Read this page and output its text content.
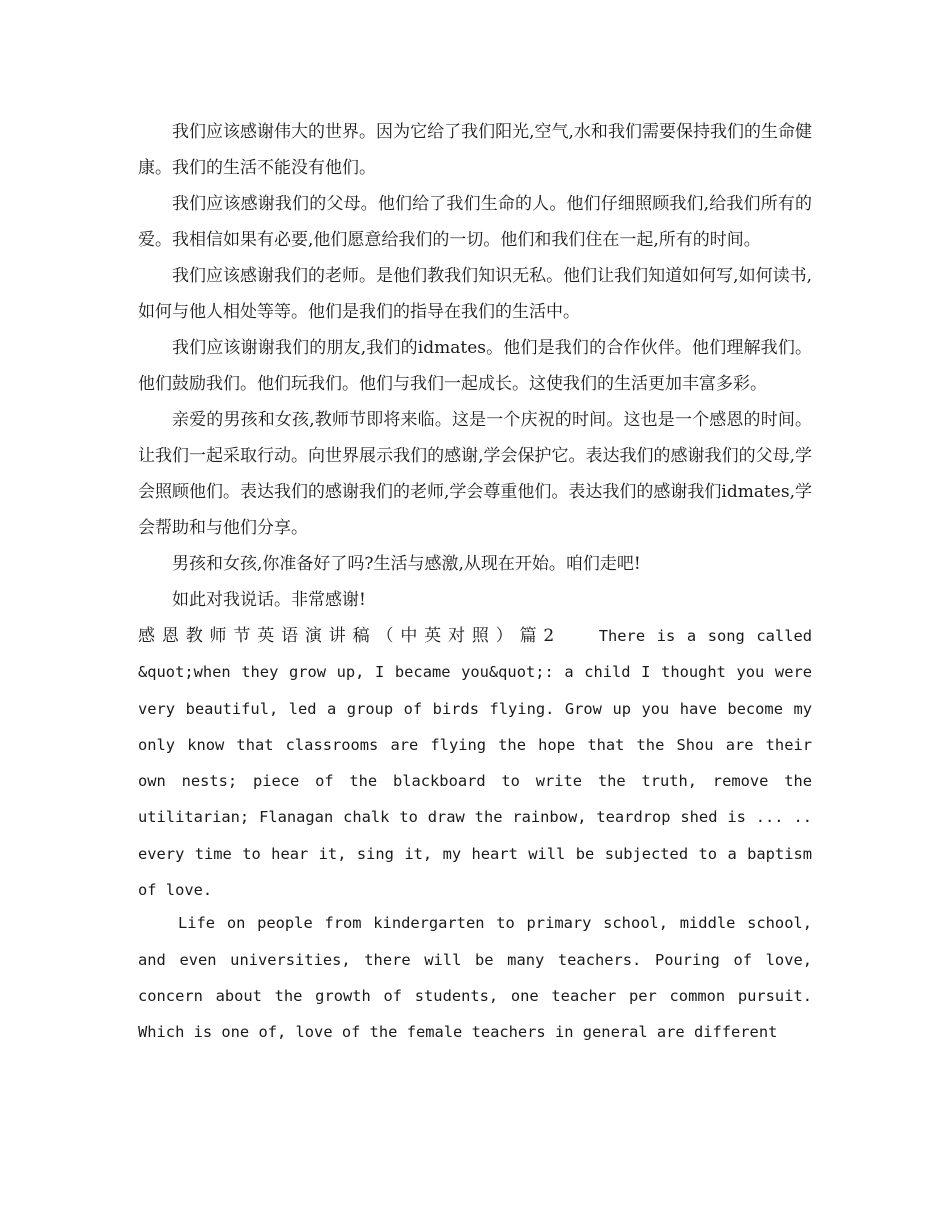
我们应该感谢伟大的世界。因为它给了我们阳光,空气,水和我们需要保持我们的生命健康。我们的生活不能没有他们。

我们应该感谢我们的父母。他们给了我们生命的人。他们仔细照顾我们,给我们所有的爱。我相信如果有必要,他们愿意给我们的一切。他们和我们住在一起,所有的时间。

我们应该感谢我们的老师。是他们教我们知识无私。他们让我们知道如何写,如何读书,如何与他人相处等等。他们是我们的指导在我们的生活中。

我们应该谢谢我们的朋友,我们的idmates。他们是我们的合作伙伴。他们理解我们。他们鼓励我们。他们玩我们。他们与我们一起成长。这使我们的生活更加丰富多彩。

亲爱的男孩和女孩,教师节即将来临。这是一个庆祝的时间。这也是一个感恩的时间。让我们一起采取行动。向世界展示我们的感谢,学会保护它。表达我们的感谢我们的父母,学会照顾他们。表达我们的感谢我们的老师,学会尊重他们。表达我们的感谢我们idmates,学会帮助和与他们分享。

男孩和女孩,你准备好了吗?生活与感激,从现在开始。咱们走吧!

如此对我说话。非常感谢!

感恩教师节英语演讲稿（中英对照）篇2	There is a song called &quot;when they grow up, I became you&quot;: a child I thought you were very beautiful, led a group of birds flying. Grow up you have become my only know that classrooms are flying the hope that the Shou are their own nests; piece of the blackboard to write the truth, remove the utilitarian; Flanagan chalk to draw the rainbow, teardrop shed is ... .. every time to hear it, sing it, my heart will be subjected to a baptism of love.

Life on people from kindergarten to primary school, middle school, and even universities, there will be many teachers. Pouring of love, concern about the growth of students, one teacher per common pursuit. Which is one of, love of the female teachers in general are different
